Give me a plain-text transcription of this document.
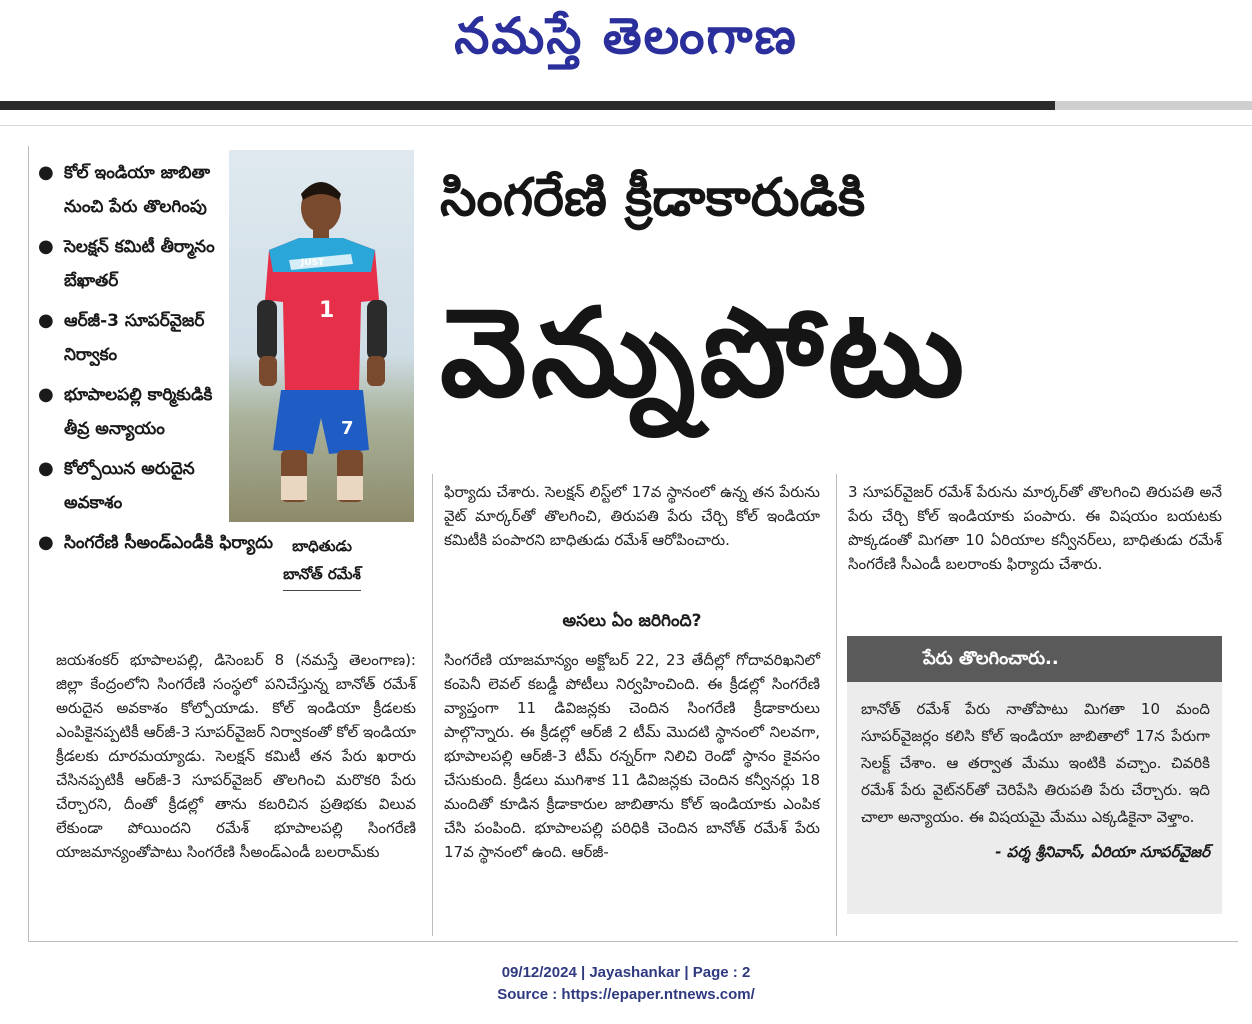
నమస్తే తెలంగాణ
● కోల్ ఇండియా జాబితా నుంచి పేరు తొలగింపు
● సెలక్షన్ కమిటీ తీర్మానం బేఖాతర్
● ఆర్‌జీ-3 సూపర్‌వైజర్ నిర్వాకం
● భూపాలపల్లి కార్మికుడికి తీవ్ర అన్యాయం
● కోల్పోయిన అరుదైన అవకాశం
● సింగరేణి సీఅండ్ఎండీకి ఫిర్యాదు
JUST
1
7
బాధితుడు
బానోత్ రమేశ్
సింగరేణి క్రీడాకారుడికి
వెన్నుపోటు

జయశంకర్ భూపాలపల్లి, డిసెంబర్ 8 (నమస్తే తెలంగాణ): జిల్లా కేంద్రంలోని సింగరేణి సంస్థలో పనిచేస్తున్న బానోత్ రమేశ్ అరుదైన అవకాశం కోల్పోయాడు. కోల్ ఇండియా క్రీడలకు ఎంపికైనప్పటికీ ఆర్‌జీ-3 సూపర్‌వైజర్ నిర్వాకంతో కోల్ ఇండియా క్రీడలకు దూరమయ్యాడు. సెలక్షన్ కమిటీ తన పేరు ఖరారు చేసినప్పటికీ ఆర్‌జీ-3 సూపర్‌వైజర్ తొలగించి మరొకరి పేరు చేర్చారని, దీంతో క్రీడల్లో తాను కబరిచిన ప్రతిభకు విలువ లేకుండా పోయిందని రమేశ్ భూపాలపల్లి సింగరేణి యాజమాన్యంతోపాటు సింగరేణి సీఅండ్ఎండీ బలరామ్‌కు

ఫిర్యాదు చేశారు. సెలక్షన్ లిస్ట్‌లో 17వ స్థానంలో ఉన్న తన పేరును వైట్ మార్కర్‌తో తొలగించి, తిరుపతి పేరు చేర్చి కోల్ ఇండియా కమిటీకి పంపారని బాధితుడు రమేశ్ ఆరోపించారు.

అసలు ఏం జరిగింది?

సింగరేణి యాజమాన్యం అక్టోబర్ 22, 23 తేదీల్లో గోదావరిఖనిలో కంపెనీ లెవల్ కబడ్డీ పోటీలు నిర్వహించింది. ఈ క్రీడల్లో సింగరేణి వ్యాప్తంగా 11 డివిజన్లకు చెందిన సింగరేణి క్రీడాకారులు పాల్గొన్నారు. ఈ క్రీడల్లో ఆర్‌జీ 2 టీమ్ మొదటి స్థానంలో నిలవగా, భూపాలపల్లి ఆర్‌జీ-3 టీమ్ రన్నర్‌గా నిలిచి రెండో స్థానం కైవసం చేసుకుంది. క్రీడలు ముగిశాక 11 డివిజన్లకు చెందిన కన్వీనర్లు 18 మందితో కూడిన క్రీడాకారుల జాబితాను కోల్ ఇండియాకు ఎంపిక చేసి పంపింది. భూపాలపల్లి పరిధికి చెందిన బానోత్ రమేశ్ పేరు 17వ స్థానంలో ఉంది. ఆర్‌జీ-

3 సూపర్‌వైజర్ రమేశ్ పేరును మార్కర్‌తో తొలగించి తిరుపతి అనే పేరు చేర్చి కోల్ ఇండియాకు పంపారు. ఈ విషయం బయటకు పొక్కడంతో మిగతా 10 ఏరియాల కన్వీనర్‌లు, బాధితుడు రమేశ్ సింగరేణి సీఎండీ బలరాంకు ఫిర్యాదు చేశారు.

పేరు తొలగించారు..

బానోత్ రమేశ్ పేరు నాతోపాటు మిగతా 10 మంది సూపర్‌వైజర్లం కలిసి కోల్ ఇండియా జాబితాలో 17న పేరుగా సెలక్ట్ చేశాం. ఆ తర్వాత మేము ఇంటికి వచ్చాం. చివరికి రమేశ్ పేరు వైట్‌నర్‌తో చెరిపేసి తిరుపతి పేరు చేర్చారు. ఇది చాలా అన్యాయం. ఈ విషయమై మేము ఎక్కడికైనా వెళ్తాం.

- పర్శ శ్రీనివాస్, ఏరియా సూపర్‌వైజర్

09/12/2024 | Jayashankar | Page : 2
Source : https://epaper.ntnews.com/
